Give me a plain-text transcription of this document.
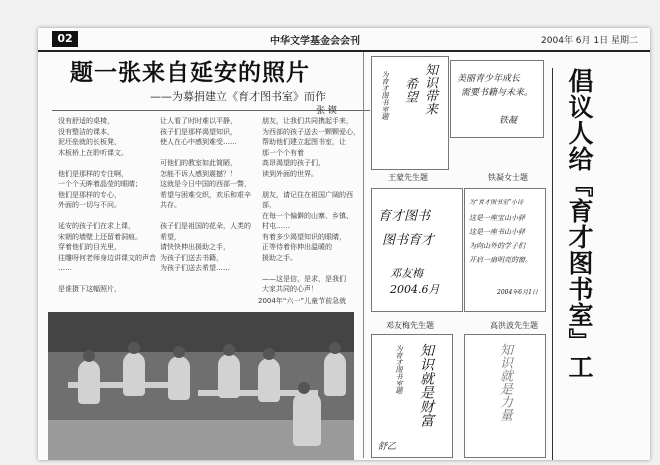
02	中华文学基金会会刊	2004年 6月 1日 星期二
题一张来自延安的照片
——为募捐建立《育才图书室》而作
张 锲
没有舒适的桌椅，
没有整洁的课本，
泥坯垒就的长板凳，
木板桥上在聆听课文。

他们是那样的专注啊，
一个个天眸着晶莹的眼睛；
他们是那样的专心，
外面的一切与不问。

延安的孩子们在求上课，
宋朝的墙壁上还留着洞痕。
穿着他们的目光里，
往雕呀何老师身边讲课文的声音
……

是谁摄下这幅照片，
让人看了时时难以平静，
孩子们是那样渴望知识，
使人在心中感到难受……

可他们的教室如此简陋，
怎能不诉人感到震撼？！
这就是今日中国的西部一瞥，
希望与困难交织，欢乐和艰辛
共存。

孩子们是祖国的花朵，人类的
希望，
请快快伸出援助之手，
为孩子们送去书籍，
为孩子们送去希望……
朋友，让我们共同携起手来，
为西部的孩子送去一颗颗爱心，
帮助他们建立起图书室，让
那一个个有着
高昂渴望的孩子们，
读到外面的世界。

朋友，请记住在祖国广阔的西
部，
在每一个偏僻的山寨、乡镇、
村屯……
有着多少渴望知识的眼睛，
正等待着你伸出温暖的
援助之手。

——这是信，是求，是我们
大家共同的心声！
2004年“六一”儿童节前急就
知识带来
希望
为育才图书室题
王蒙先生题
美丽青少年成长
需要书籍与未来。
铁凝
铁凝女士题
育才图书
图书育才
邓友梅 2004.6月
邓友梅先生题
为“育才图书室”小诗
这是一座宝山小驿
这是一座书山小驿
为向山外的学子们
开启一扇明亮的窗。
2004年6月1日
高洪波先生题
知识就是财富
为育才图书室题
舒乙
知识就是力量
倡议人给『育才图书室』工
